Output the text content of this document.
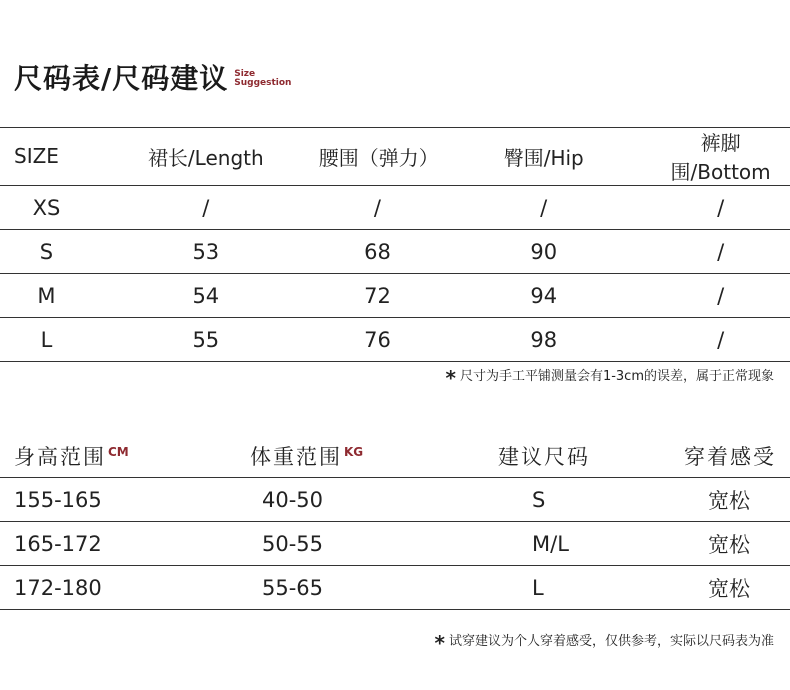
尺码表/尺码建议 Size
Suggestion
SIZE	裙长/Length	腰围（弹力）	臀围/Hip	裤脚围/Bottom
XS	/	/	/	/
S	53	68	90	/
M	54	72	94	/
L	55	76	98	/
* 尺寸为手工平铺测量会有1-3cm的误差，属于正常现象
身高范围 $^{CM}$	体重范围 $^{KG}$	建议尺码	穿着感受
155-165	40-50	S	宽松
165-172	50-55	M/L	宽松
172-180	55-65	L	宽松
* 试穿建议为个人穿着感受，仅供参考，实际以尺码表为准
